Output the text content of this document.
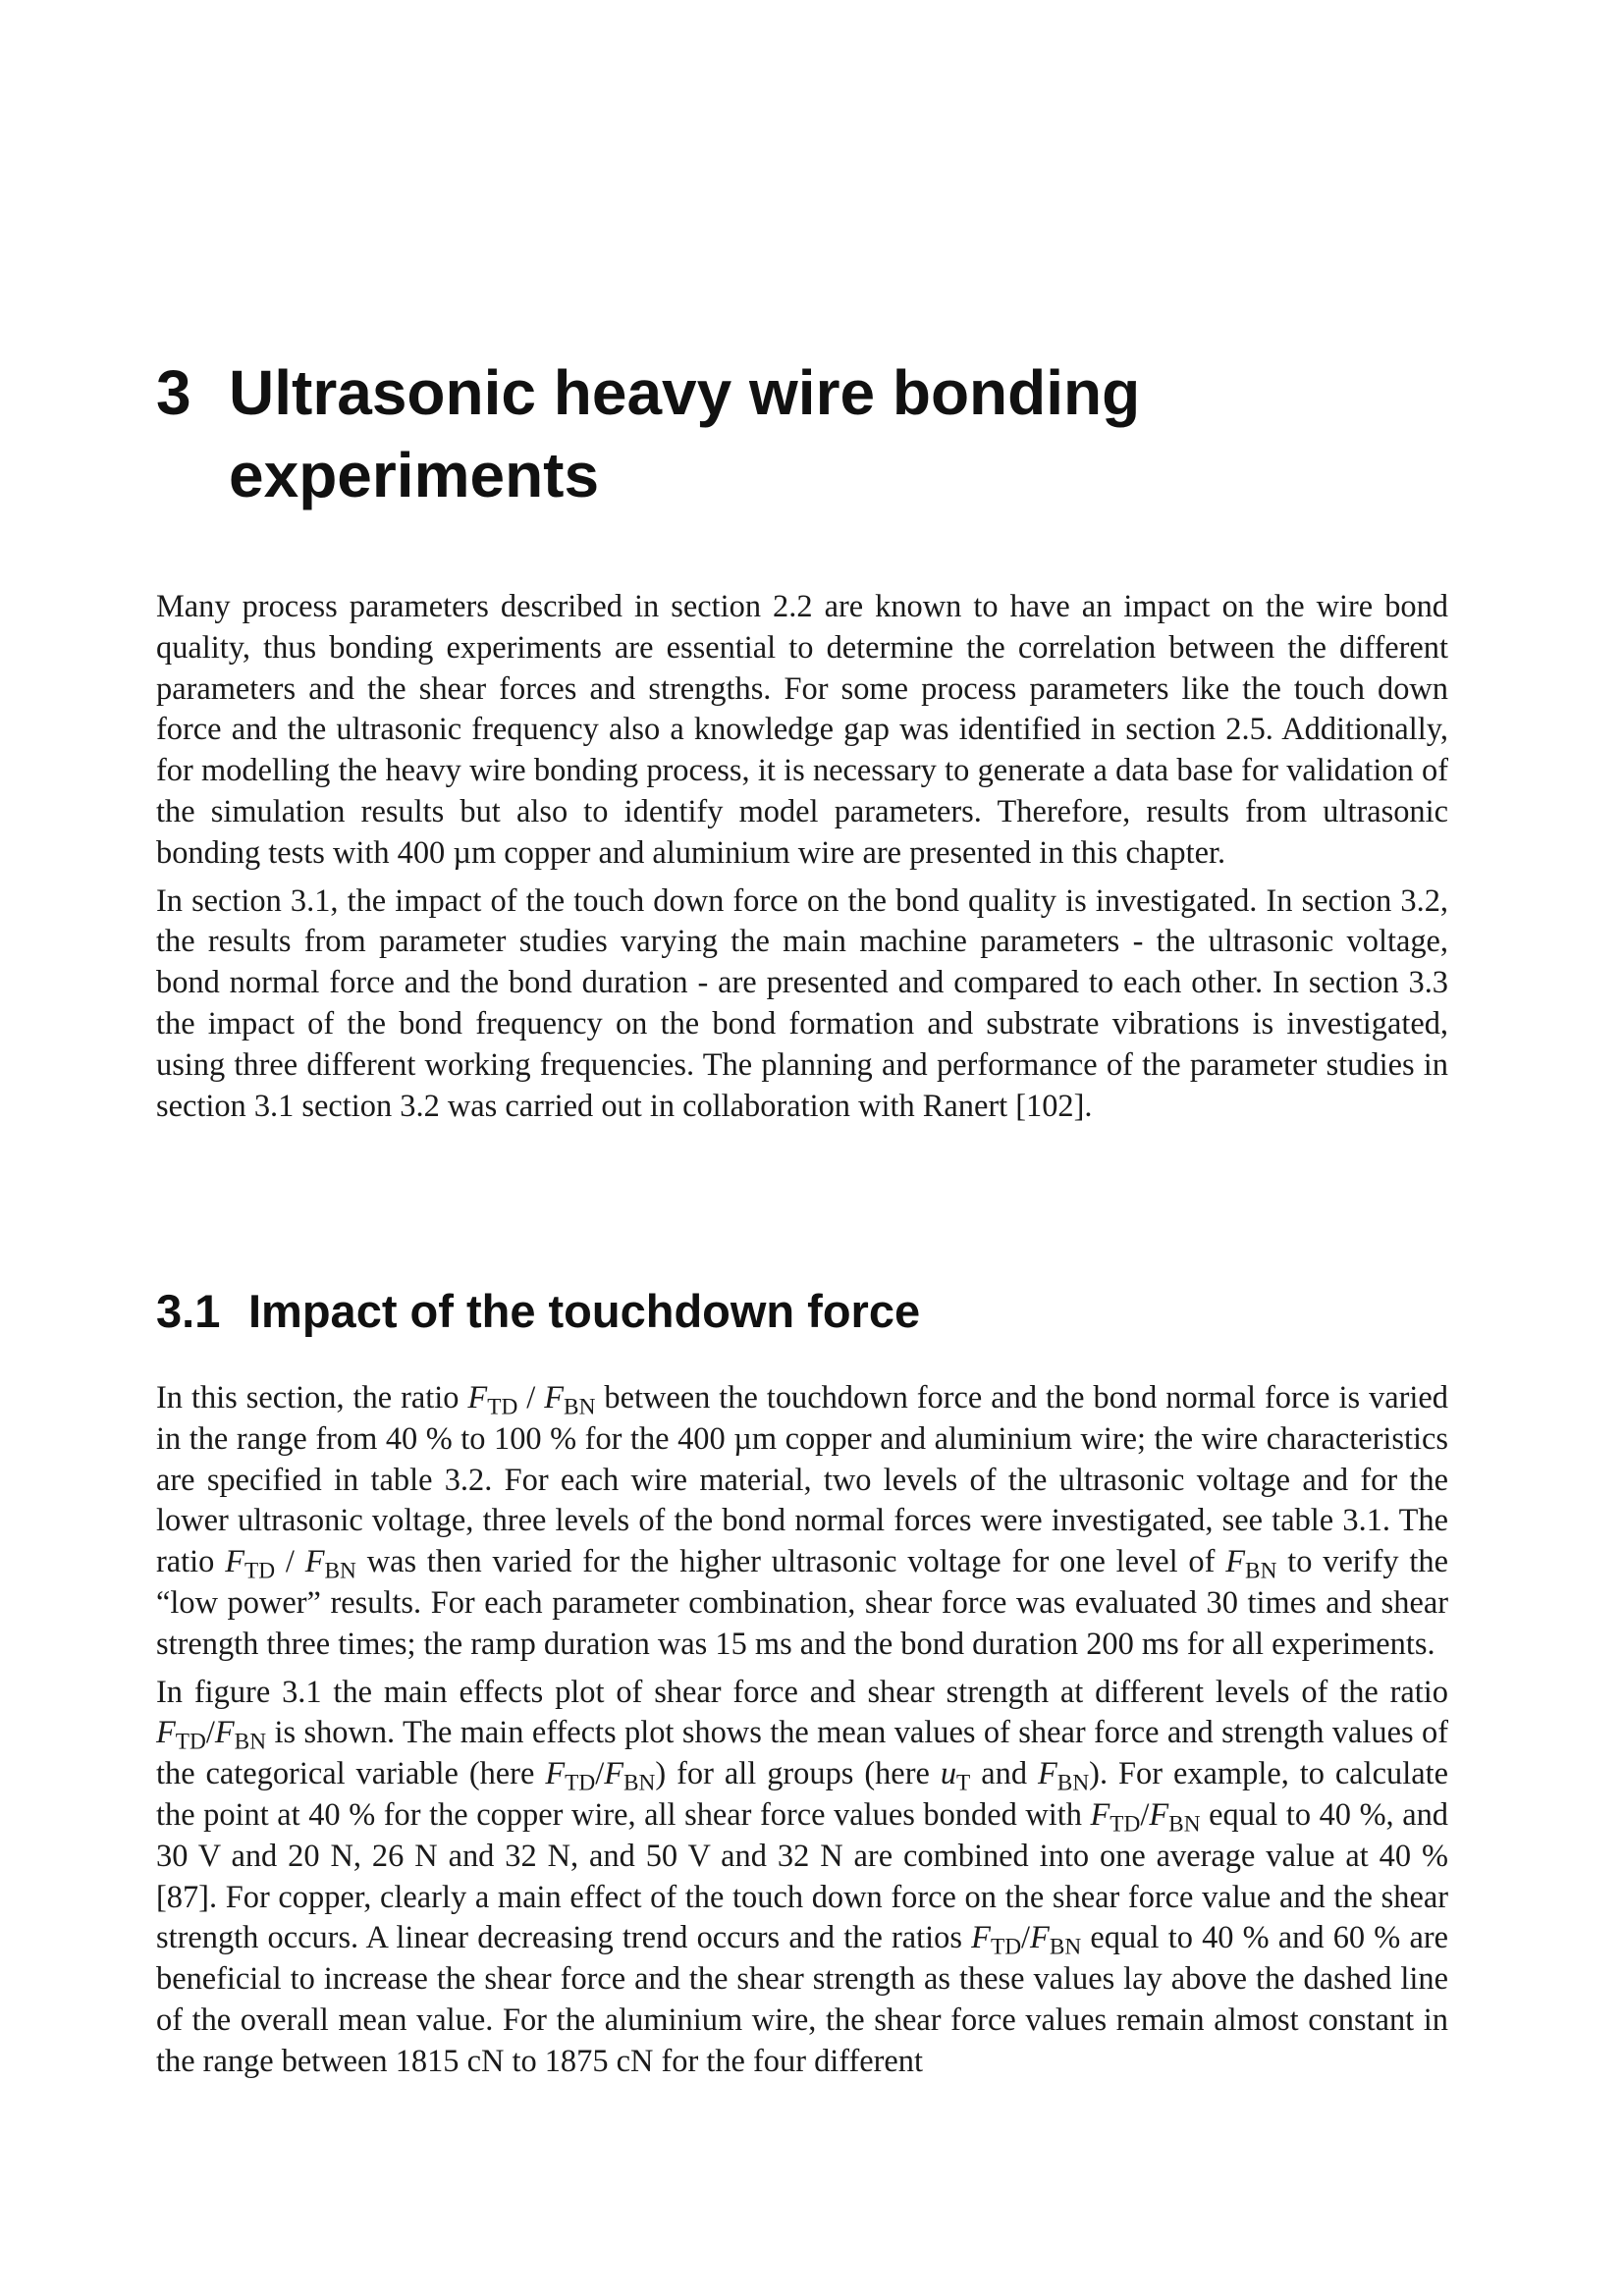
3 Ultrasonic heavy wire bonding experiments

Many process parameters described in section 2.2 are known to have an impact on the wire bond quality, thus bonding experiments are essential to determine the correlation between the different parameters and the shear forces and strengths. For some process parameters like the touch down force and the ultrasonic frequency also a knowledge gap was identified in section 2.5. Additionally, for modelling the heavy wire bonding process, it is necessary to generate a data base for validation of the simulation results but also to identify model parameters. Therefore, results from ultrasonic bonding tests with 400 µm copper and aluminium wire are presented in this chapter.

In section 3.1, the impact of the touch down force on the bond quality is investigated. In section 3.2, the results from parameter studies varying the main machine parameters - the ultrasonic voltage, bond normal force and the bond duration - are presented and compared to each other. In section 3.3 the impact of the bond frequency on the bond formation and substrate vibrations is investigated, using three different working frequencies. The planning and performance of the parameter studies in section 3.1 section 3.2 was carried out in collaboration with Ranert [102].

3.1 Impact of the touchdown force

In this section, the ratio $F_{TD} / F_{BN}$ between the touchdown force and the bond normal force is varied in the range from 40 % to 100 % for the 400 µm copper and aluminium wire; the wire characteristics are specified in table 3.2. For each wire material, two levels of the ultrasonic voltage and for the lower ultrasonic voltage, three levels of the bond normal forces were investigated, see table 3.1. The ratio $F_{TD} / F_{BN}$ was then varied for the higher ultrasonic voltage for one level of $F_{BN}$ to verify the “low power” results. For each parameter combination, shear force was evaluated 30 times and shear strength three times; the ramp duration was 15 ms and the bond duration 200 ms for all experiments.

In figure 3.1 the main effects plot of shear force and shear strength at different levels of the ratio $F_{TD}/F_{BN}$ is shown. The main effects plot shows the mean values of shear force and strength values of the categorical variable (here $F_{TD}/F_{BN}$) for all groups (here $u_T$ and $F_{BN}$). For example, to calculate the point at 40 % for the copper wire, all shear force values bonded with $F_{TD}/F_{BN}$ equal to 40 %, and 30 V and 20 N, 26 N and 32 N, and 50 V and 32 N are combined into one average value at 40 % [87]. For copper, clearly a main effect of the touch down force on the shear force value and the shear strength occurs. A linear decreasing trend occurs and the ratios $F_{TD}/F_{BN}$ equal to 40 % and 60 % are beneficial to increase the shear force and the shear strength as these values lay above the dashed line of the overall mean value. For the aluminium wire, the shear force values remain almost constant in the range between 1815 cN to 1875 cN for the four different
